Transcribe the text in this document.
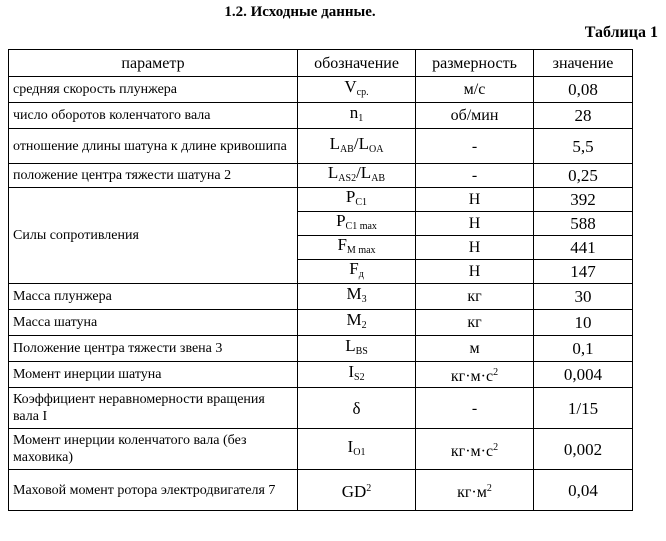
1.2. Исходные данные.
Таблица 1
параметр	обозначение	размерность	значение
средняя скорость плунжера	$V_{ср.}$	м/с	0,08
число оборотов коленчатого вала	$n_1$	об/мин	28
отношение длины шатуна к длине кривошипа	$L_{AB}/L_{OA}$	-	5,5
положение центра тяжести шатуна 2	$L_{AS2}/L_{AB}$	-	0,25
Силы сопротивления	$P_{C1}$	Н	392
	$P_{C1 max}$	Н	588
	$F_{M max}$	Н	441
	$F_д$	Н	147
Масса плунжера	$M_3$	кг	30
Масса шатуна	$M_2$	кг	10
Положение центра тяжести звена 3	$L_{BS}$	м	0,1
Момент инерции шатуна	$I_{S2}$	$кг\cdot м\cdot с^2$	0,004
Коэффициент неравномерности вращения вала I	δ	-	1/15
Момент инерции коленчатого вала (без маховика)	$I_{O1}$	$кг\cdot м\cdot с^2$	0,002
Маховой момент ротора электродвигателя 7	$GD^2$	$кг\cdot м^2$	0,04
